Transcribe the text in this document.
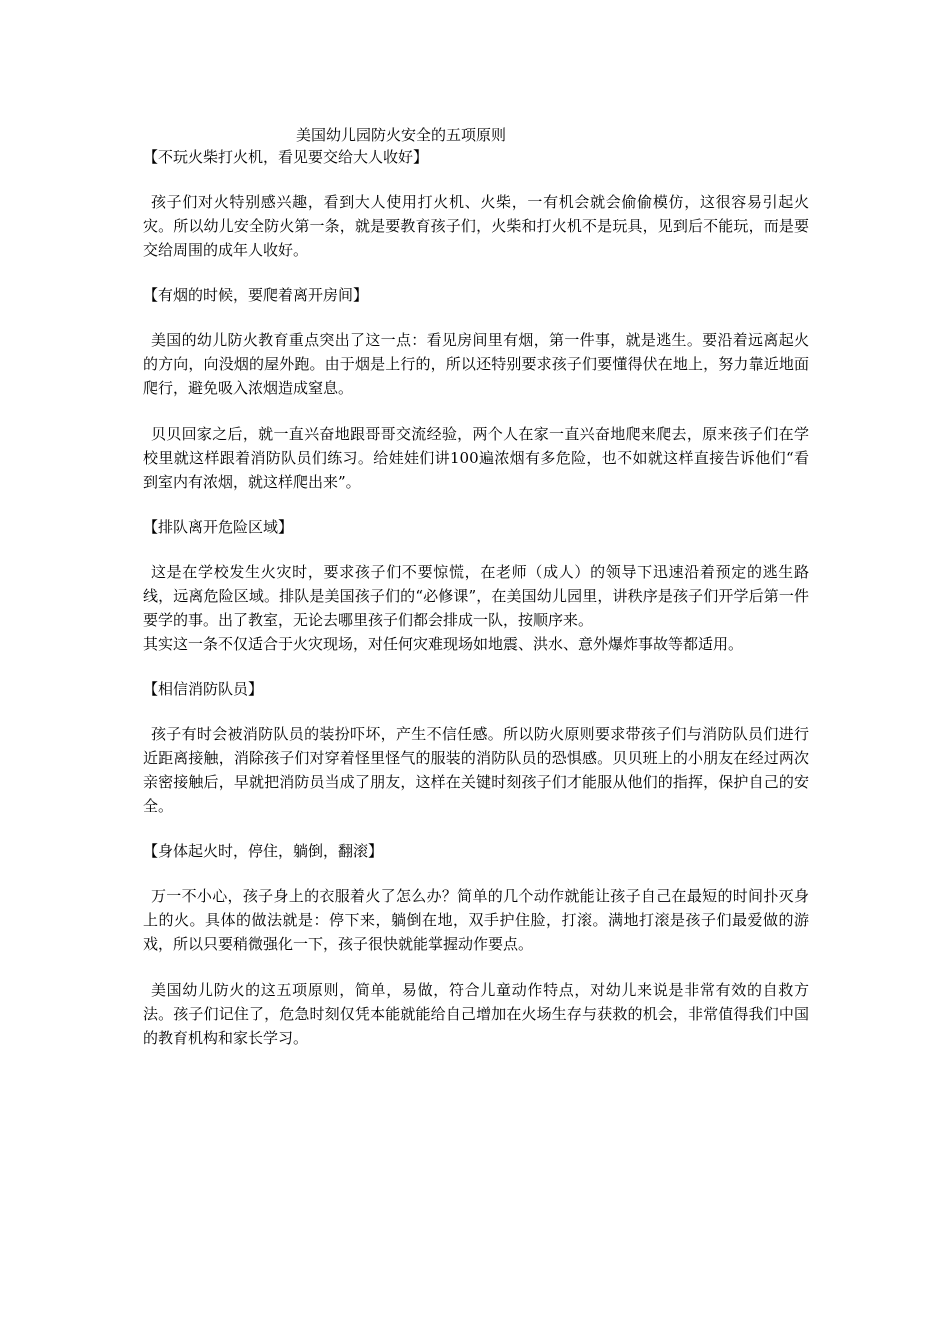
美国幼儿园防火安全的五项原则

【不玩火柴打火机，看见要交给大人收好】

孩子们对火特别感兴趣，看到大人使用打火机、火柴，一有机会就会偷偷模仿，这很容易引起火灾。所以幼儿安全防火第一条，就是要教育孩子们，火柴和打火机不是玩具，见到后不能玩，而是要交给周围的成年人收好。

【有烟的时候，要爬着离开房间】

美国的幼儿防火教育重点突出了这一点：看见房间里有烟，第一件事，就是逃生。要沿着远离起火的方向，向没烟的屋外跑。由于烟是上行的，所以还特别要求孩子们要懂得伏在地上，努力靠近地面爬行，避免吸入浓烟造成窒息。

贝贝回家之后，就一直兴奋地跟哥哥交流经验，两个人在家一直兴奋地爬来爬去，原来孩子们在学校里就这样跟着消防队员们练习。给娃娃们讲100遍浓烟有多危险，也不如就这样直接告诉他们“看到室内有浓烟，就这样爬出来”。

【排队离开危险区域】

这是在学校发生火灾时，要求孩子们不要惊慌，在老师（成人）的领导下迅速沿着预定的逃生路线，远离危险区域。排队是美国孩子们的“必修课”，在美国幼儿园里，讲秩序是孩子们开学后第一件要学的事。出了教室，无论去哪里孩子们都会排成一队，按顺序来。

其实这一条不仅适合于火灾现场，对任何灾难现场如地震、洪水、意外爆炸事故等都适用。

【相信消防队员】

孩子有时会被消防队员的装扮吓坏，产生不信任感。所以防火原则要求带孩子们与消防队员们进行近距离接触，消除孩子们对穿着怪里怪气的服装的消防队员的恐惧感。贝贝班上的小朋友在经过两次亲密接触后，早就把消防员当成了朋友，这样在关键时刻孩子们才能服从他们的指挥，保护自己的安全。

【身体起火时，停住，躺倒，翻滚】

万一不小心，孩子身上的衣服着火了怎么办？简单的几个动作就能让孩子自己在最短的时间扑灭身上的火。具体的做法就是：停下来，躺倒在地，双手护住脸，打滚。满地打滚是孩子们最爱做的游戏，所以只要稍微强化一下，孩子很快就能掌握动作要点。

美国幼儿防火的这五项原则，简单，易做，符合儿童动作特点，对幼儿来说是非常有效的自救方法。孩子们记住了，危急时刻仅凭本能就能给自己增加在火场生存与获救的机会，非常值得我们中国的教育机构和家长学习。
